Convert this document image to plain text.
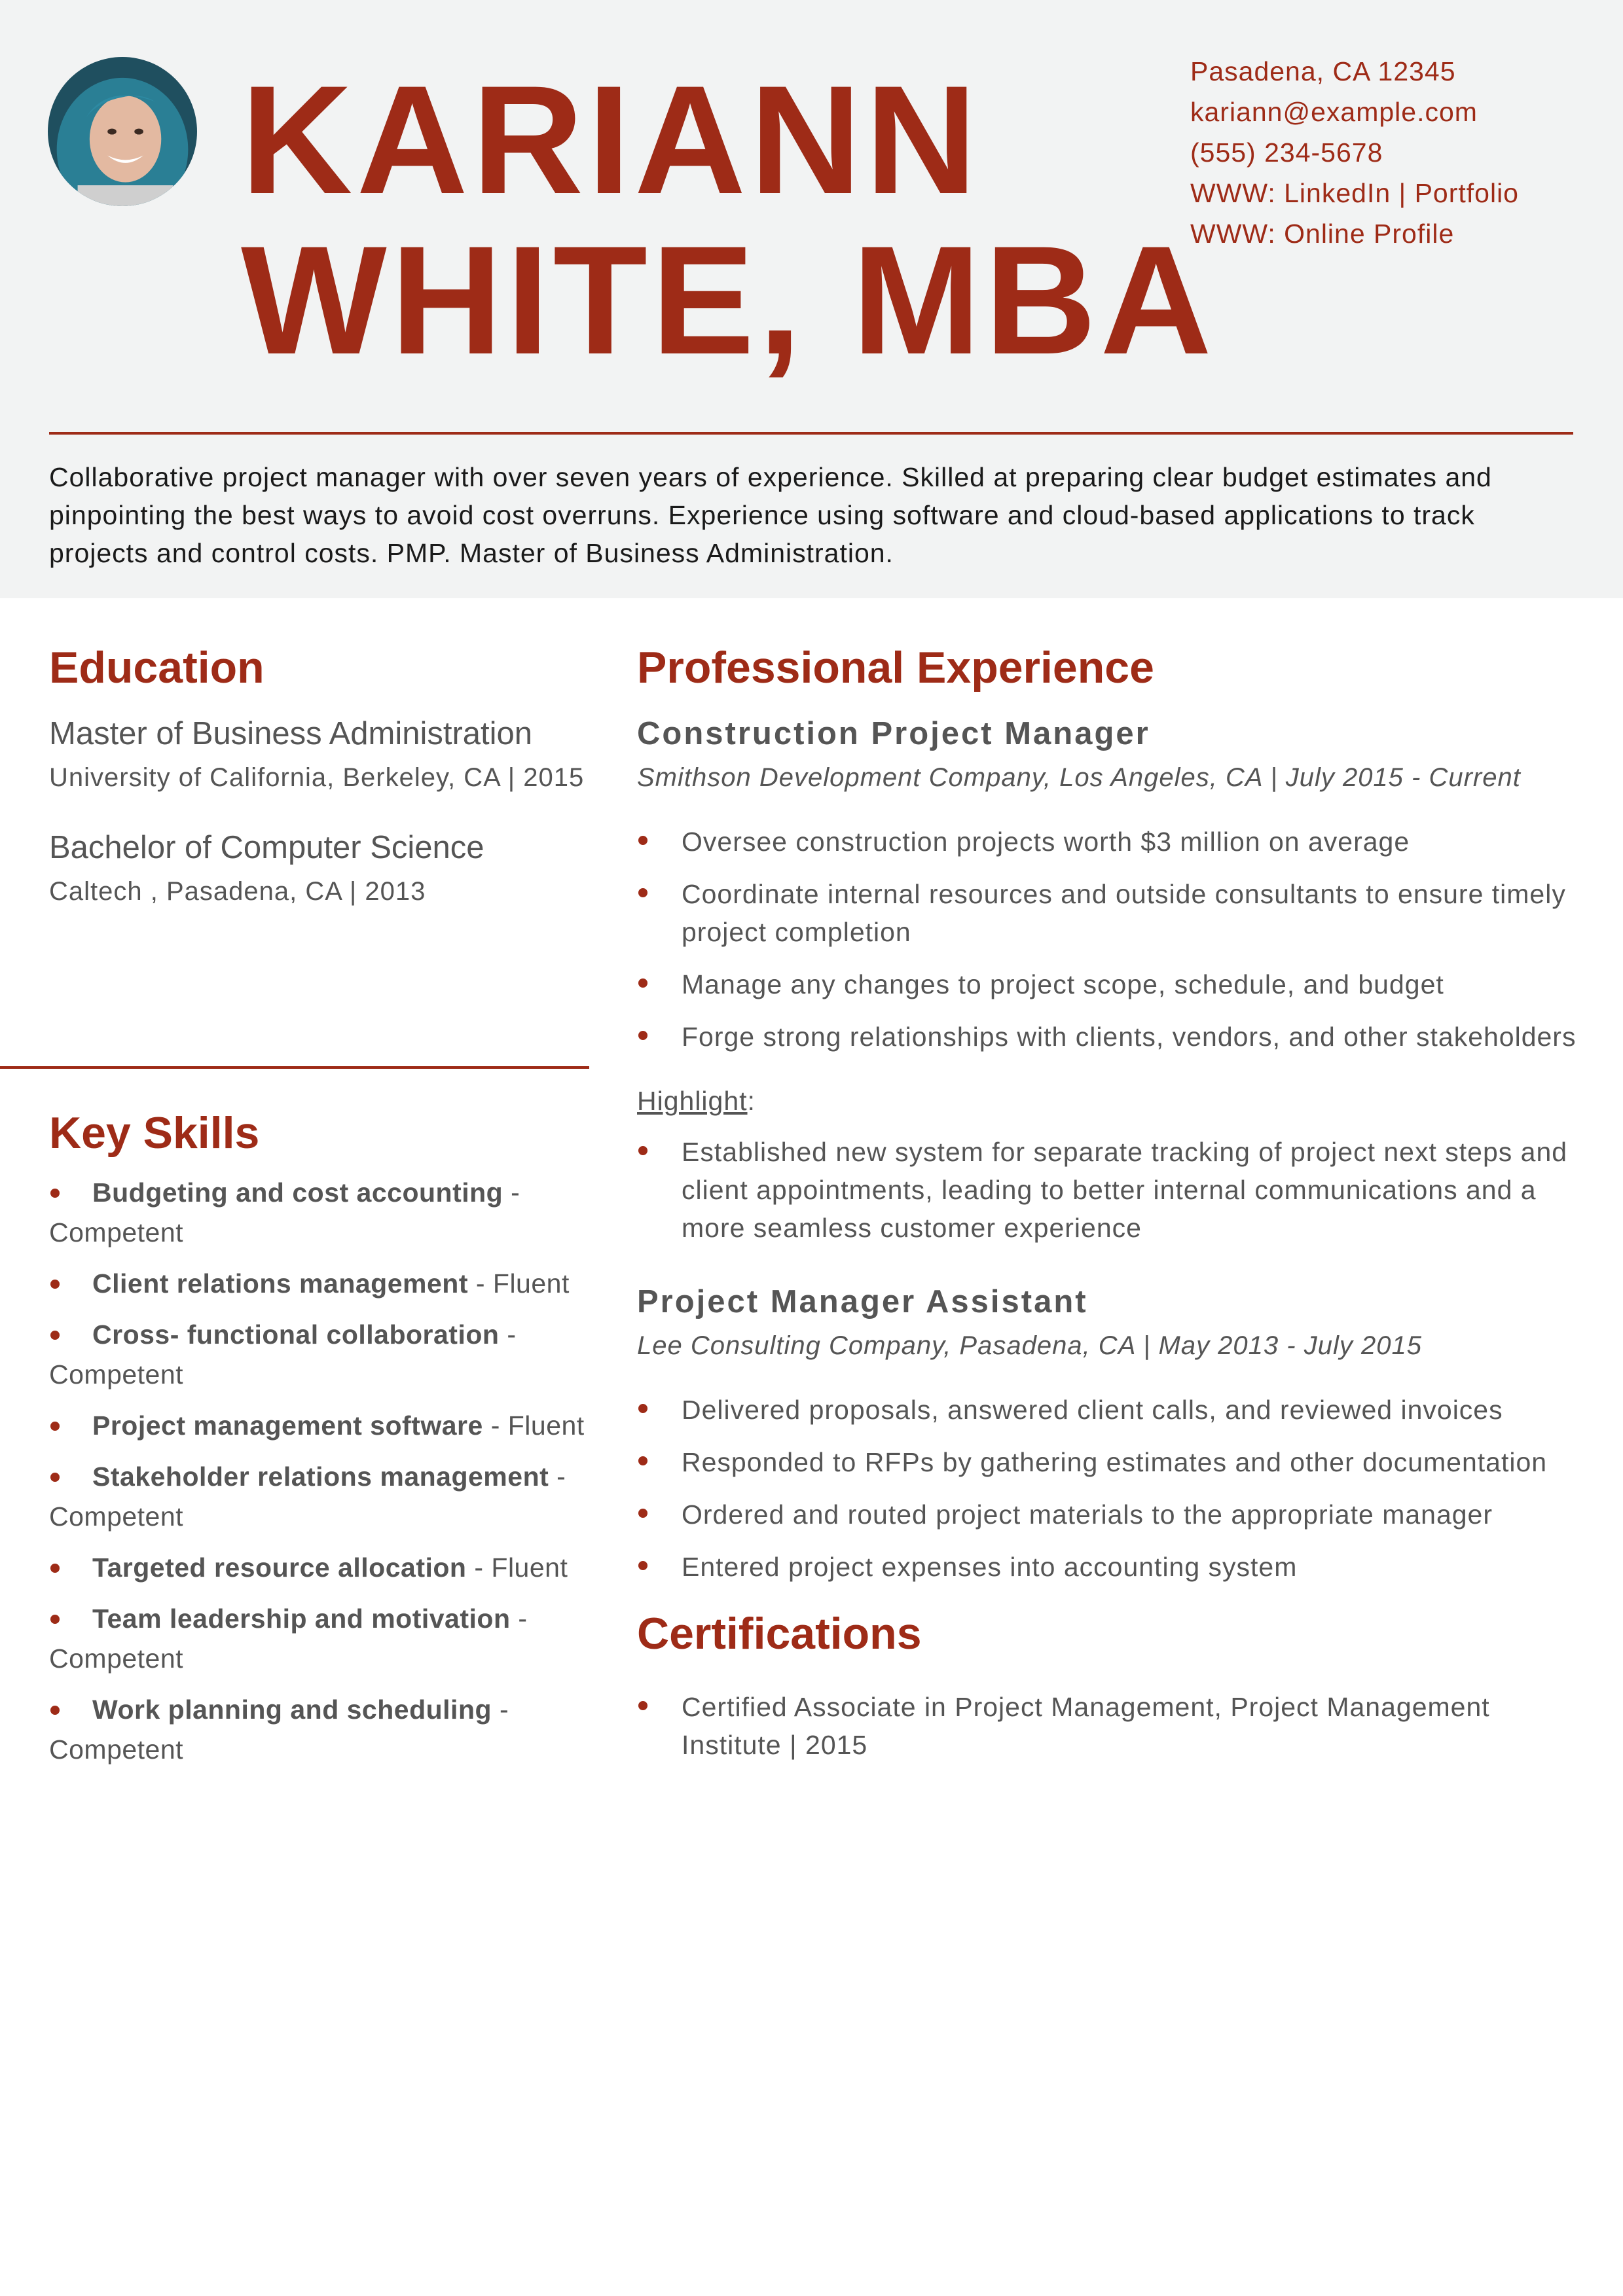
KARIANN
WHITE, MBA
Pasadena, CA 12345
kariann@example.com
(555) 234-5678
WWW: LinkedIn | Portfolio
WWW: Online Profile

Collaborative project manager with over seven years of experience. Skilled at preparing clear budget estimates and pinpointing the best ways to avoid cost overruns. Experience using software and cloud-based applications to track projects and control costs. PMP. Master of Business Administration.

Education

Master of Business Administration

University of California, Berkeley, CA | 2015

Bachelor of Computer Science

Caltech , Pasadena, CA | 2013

Key Skills
Budgeting and cost accounting - Competent
Client relations management - Fluent
Cross- functional collaboration - Competent
Project management software - Fluent
Stakeholder relations management - Competent
Targeted resource allocation - Fluent
Team leadership and motivation - Competent
Work planning and scheduling - Competent
Professional Experience

Construction Project Manager

Smithson Development Company, Los Angeles, CA | July 2015 - Current

Oversee construction projects worth $3 million on average
Coordinate internal resources and outside consultants to ensure timely project completion
Manage any changes to project scope, schedule, and budget
Forge strong relationships with clients, vendors, and other stakeholders

Highlight:

Established new system for separate tracking of project next steps and client appointments, leading to better internal communications and a more seamless customer experience

Project Manager Assistant

Lee Consulting Company, Pasadena, CA | May 2013 - July 2015

Delivered proposals, answered client calls, and reviewed invoices
Responded to RFPs by gathering estimates and other documentation
Ordered and routed project materials to the appropriate manager
Entered project expenses into accounting system
Certifications
Certified Associate in Project Management, Project Management Institute | 2015
